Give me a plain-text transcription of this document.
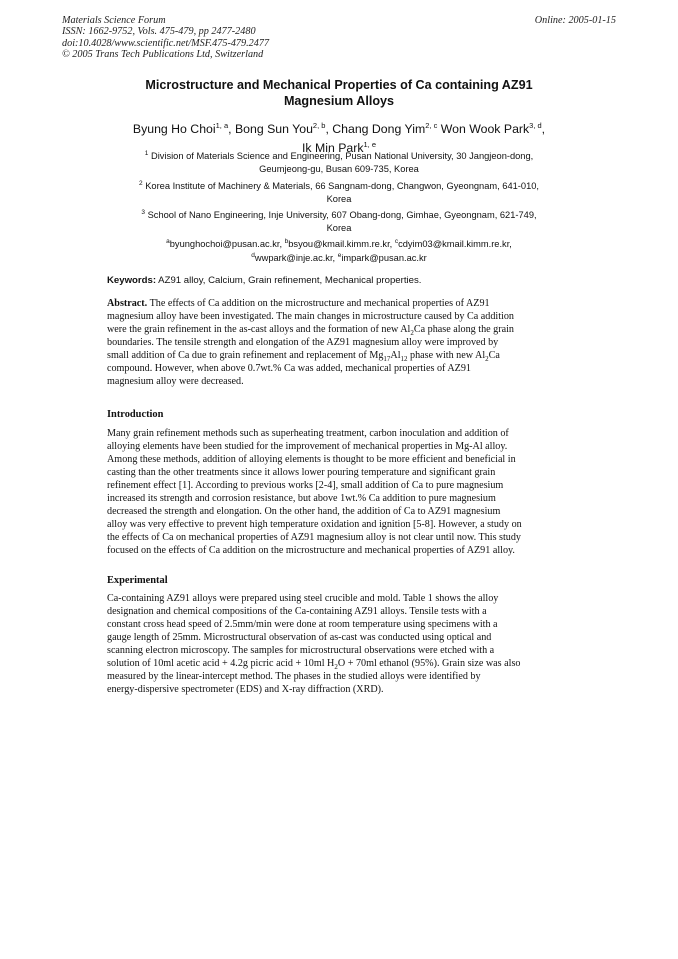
Materials Science Forum
ISSN: 1662-9752, Vols. 475-479, pp 2477-2480
doi:10.4028/www.scientific.net/MSF.475-479.2477
© 2005 Trans Tech Publications Ltd, Switzerland
Online: 2005-01-15
Microstructure and Mechanical Properties of Ca containing AZ91
Magnesium Alloys
Byung Ho Choi$^{1, a}$, Bong Sun You$^{2, b}$, Chang Dong Yim$^{2, c}$ Won Wook Park$^{3, d}$,
Ik Min Park$^{1, e}$
$^1$ Division of Materials Science and Engineering, Pusan National University, 30 Jangjeon-dong,
Geumjeong-gu, Busan 609-735, Korea
$^2$ Korea Institute of Machinery & Materials, 66 Sangnam-dong, Changwon, Gyeongnam, 641-010,
Korea
$^3$ School of Nano Engineering, Inje University, 607 Obang-dong, Gimhae, Gyeongnam, 621-749,
Korea
$^a$byunghochoi@pusan.ac.kr, $^b$bsyou@kmail.kimm.re.kr, $^c$cdyim03@kmail.kimm.re.kr,
$^d$wwpark@inje.ac.kr, $^e$impark@pusan.ac.kr
Keywords: AZ91 alloy, Calcium, Grain refinement, Mechanical properties.
Abstract. The effects of Ca addition on the microstructure and mechanical properties of AZ91
magnesium alloy have been investigated. The main changes in microstructure caused by Ca addition
were the grain refinement in the as-cast alloys and the formation of new $Al_2Ca$ phase along the grain
boundaries. The tensile strength and elongation of the AZ91 magnesium alloy were improved by
small addition of Ca due to grain refinement and replacement of $Mg_{17}Al_{12}$ phase with new $Al_2Ca$
compound. However, when above 0.7wt.% Ca was added, mechanical properties of AZ91
magnesium alloy were decreased.
Introduction
Many grain refinement methods such as superheating treatment, carbon inoculation and addition of
alloying elements have been studied for the improvement of mechanical properties in Mg-Al alloy.
Among these methods, addition of alloying elements is thought to be more efficient and beneficial in
casting than the other treatments since it allows lower pouring temperature and significant grain
refinement effect [1]. According to previous works [2-4], small addition of Ca to pure magnesium
increased its strength and corrosion resistance, but above 1wt.% Ca addition to pure magnesium
decreased the strength and elongation. On the other hand, the addition of Ca to AZ91 magnesium
alloy was very effective to prevent high temperature oxidation and ignition [5-8]. However, a study on
the effects of Ca on mechanical properties of AZ91 magnesium alloy is not clear until now. This study
focused on the effects of Ca addition on the microstructure and mechanical properties of AZ91 alloy.
Experimental
Ca-containing AZ91 alloys were prepared using steel crucible and mold. Table 1 shows the alloy
designation and chemical compositions of the Ca-containing AZ91 alloys. Tensile tests with a
constant cross head speed of 2.5mm/min were done at room temperature using specimens with a
gauge length of 25mm. Microstructural observation of as-cast was conducted using optical and
scanning electron microscopy. The samples for microstructural observations were etched with a
solution of 10ml acetic acid + 4.2g picric acid + 10ml $H_2O + 70ml$ ethanol (95%). Grain size was also
measured by the linear-intercept method. The phases in the studied alloys were identified by
energy-dispersive spectrometer (EDS) and X-ray diffraction (XRD).
